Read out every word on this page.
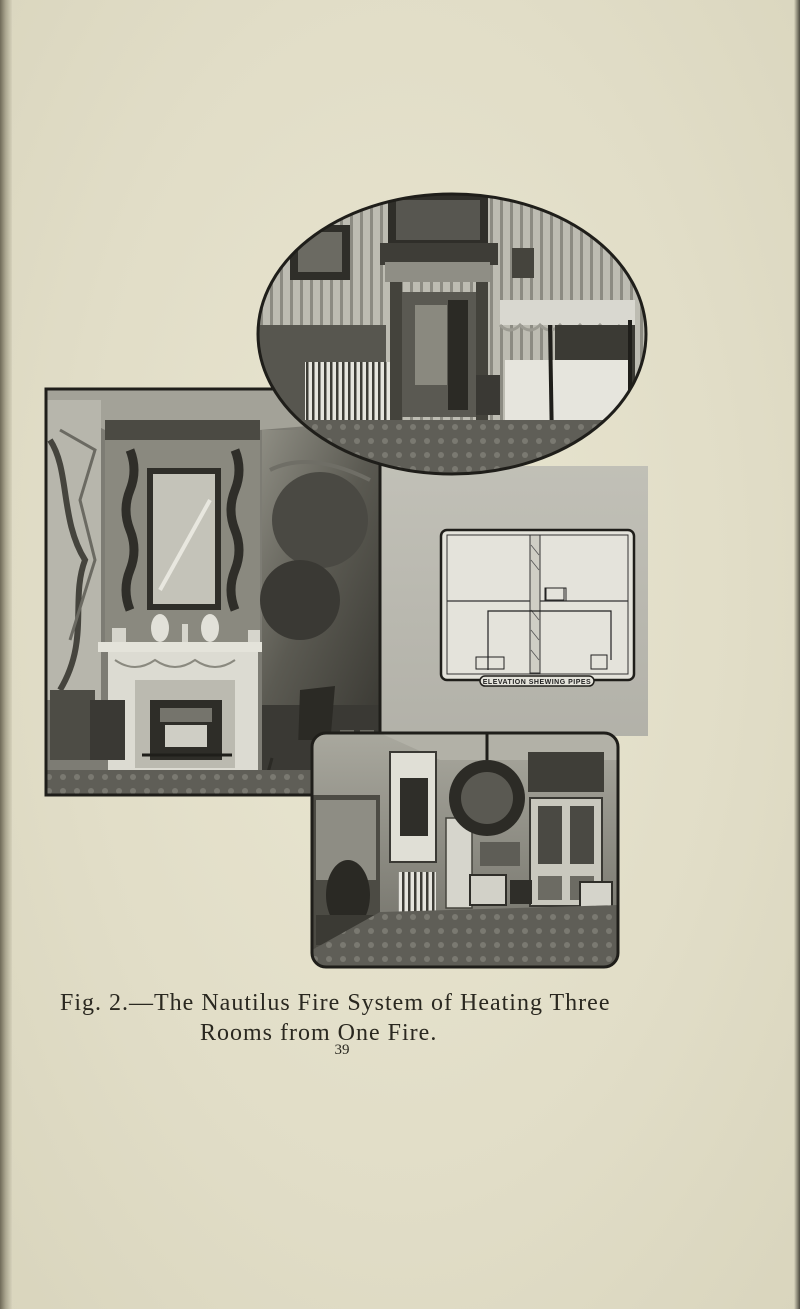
ELEVATION SHEWING PIPES
Fig. 2.—The Nautilus Fire System of Heating Three
Rooms from One Fire.
39
